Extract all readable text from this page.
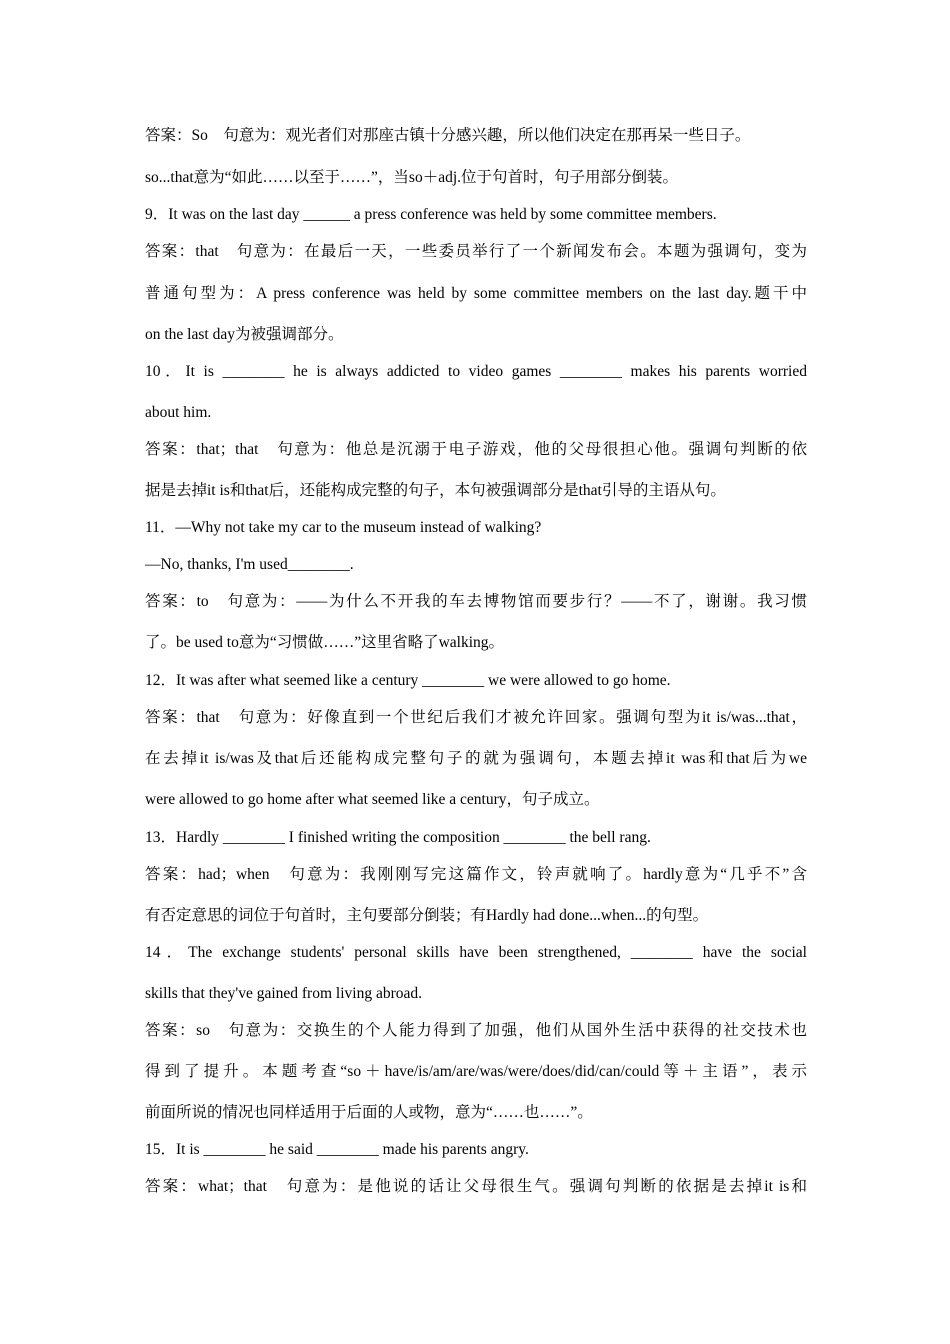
答案：So　句意为：观光者们对那座古镇十分感兴趣，所以他们决定在那再呆一些日子。
so...that意为“如此……以至于……”，当so＋adj.位于句首时，句子用部分倒装。
9．It was on the last day ______ a press conference was held by some committee members.
答案：that　句意为：在最后一天，一些委员举行了一个新闻发布会。本题为强调句，变为
普通句型为：A press conference was held by some committee members on the last day.题干中
on the last day为被强调部分。
10．It is ________ he is always addicted to video games ________ makes his parents worried
about him.
答案：that；that　句意为：他总是沉溺于电子游戏，他的父母很担心他。强调句判断的依
据是去掉it is和that后，还能构成完整的句子，本句被强调部分是that引导的主语从句。
11．—Why not take my car to the museum instead of walking?
—No, thanks, I'm used________.
答案：to　句意为：——为什么不开我的车去博物馆而要步行？——不了，谢谢。我习惯
了。be used to意为“习惯做……”这里省略了walking。
12．It was after what seemed like a century ________ we were allowed to go home.
答案：that　句意为：好像直到一个世纪后我们才被允许回家。强调句型为it is/was...that，
在去掉it is/was及that后还能构成完整句子的就为强调句，本题去掉it was和that后为we
were allowed to go home after what seemed like a century，句子成立。
13．Hardly ________ I finished writing the composition ________ the bell rang.
答案：had；when　句意为：我刚刚写完这篇作文，铃声就响了。hardly意为“几乎不”含
有否定意思的词位于句首时，主句要部分倒装；有Hardly had done...when...的句型。
14．The exchange students' personal skills have been strengthened, ________ have the social
skills that they've gained from living abroad.
答案：so　句意为：交换生的个人能力得到了加强，他们从国外生活中获得的社交技术也
得到了提升。本题考查“so＋have/is/am/are/was/were/does/did/can/could等＋主语”，表示
前面所说的情况也同样适用于后面的人或物，意为“……也……”。
15．It is ________ he said ________ made his parents angry.
答案：what；that　句意为：是他说的话让父母很生气。强调句判断的依据是去掉it is和
